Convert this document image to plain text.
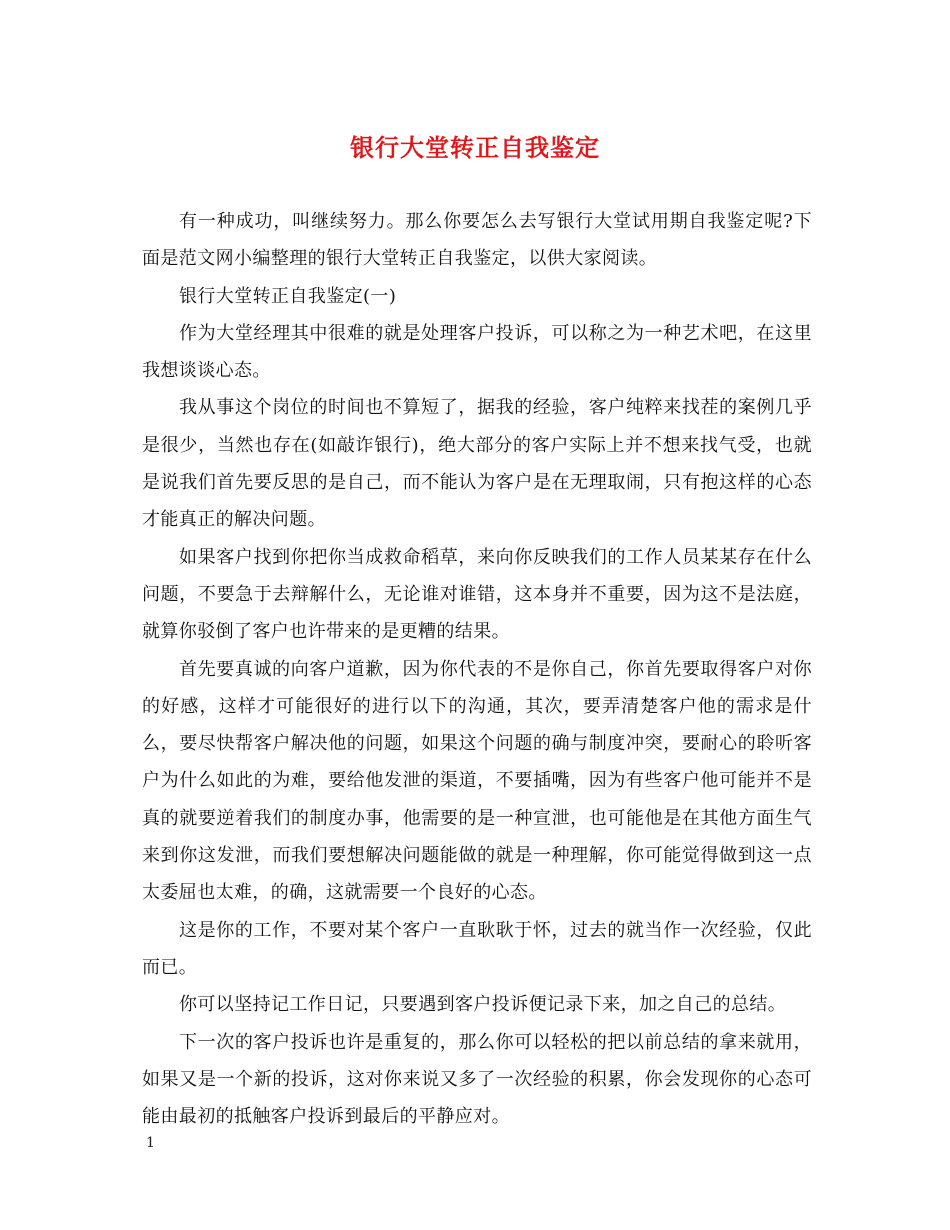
银行大堂转正自我鉴定

有一种成功，叫继续努力。那么你要怎么去写银行大堂试用期自我鉴定呢?下面是范文网小编整理的银行大堂转正自我鉴定，以供大家阅读。

银行大堂转正自我鉴定(一)

作为大堂经理其中很难的就是处理客户投诉，可以称之为一种艺术吧，在这里我想谈谈心态。

我从事这个岗位的时间也不算短了，据我的经验，客户纯粹来找茬的案例几乎是很少，当然也存在(如敲诈银行)，绝大部分的客户实际上并不想来找气受，也就是说我们首先要反思的是自己，而不能认为客户是在无理取闹，只有抱这样的心态才能真正的解决问题。

如果客户找到你把你当成救命稻草，来向你反映我们的工作人员某某存在什么问题，不要急于去辩解什么，无论谁对谁错，这本身并不重要，因为这不是法庭，就算你驳倒了客户也许带来的是更糟的结果。

首先要真诚的向客户道歉，因为你代表的不是你自己，你首先要取得客户对你的好感，这样才可能很好的进行以下的沟通，其次，要弄清楚客户他的需求是什么，要尽快帮客户解决他的问题，如果这个问题的确与制度冲突，要耐心的聆听客户为什么如此的为难，要给他发泄的渠道，不要插嘴，因为有些客户他可能并不是真的就要逆着我们的制度办事，他需要的是一种宣泄，也可能他是在其他方面生气来到你这发泄，而我们要想解决问题能做的就是一种理解，你可能觉得做到这一点太委屈也太难，的确，这就需要一个良好的心态。

这是你的工作，不要对某个客户一直耿耿于怀，过去的就当作一次经验，仅此而已。

你可以坚持记工作日记，只要遇到客户投诉便记录下来，加之自己的总结。

下一次的客户投诉也许是重复的，那么你可以轻松的把以前总结的拿来就用，如果又是一个新的投诉，这对你来说又多了一次经验的积累，你会发现你的心态可能由最初的抵触客户投诉到最后的平静应对。

1
